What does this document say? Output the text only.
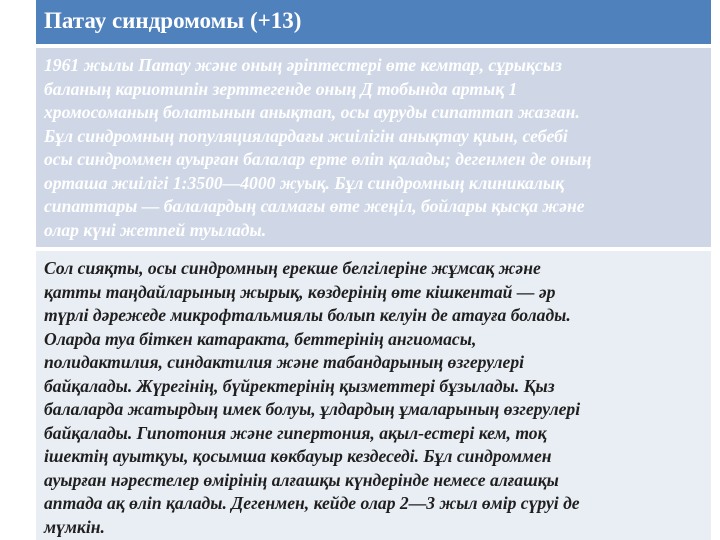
Патау синдромомы (+13)

1961 жылы Патау және оның әріптестері өте кемтар, сұрықсыз
баланың кариотипін зерттегенде оның Д тобында артық 1
хромосоманың болатынын анықтап, осы ауруды сипаттап жазған.
Бұл синдромның популяциялардағы жиілігін анықтау қиын, себебі
осы синдроммен ауырған балалар ерте өліп қалады; дегенмен де оның
орташа жиілігі 1:3500—4000 жуық. Бұл синдромның клиникалық
сипаттары — балалардың салмағы өте жеңіл, бойлары қысқа және
олар күні жетпей туылады.

Сол сияқты, осы синдромның ерекше белгілеріне жұмсақ және
қатты таңдайларының жырық, көздерінің өте кішкентай — әр
түрлі дәрежеде микрофтальмиялы болып келуін де атауға болады.
Оларда туа біткен катаракта, беттерінің ангиомасы,
полидактилия, синдактилия және табандарының өзгерулері
байқалады. Жүрегінің, бүйректерінің қызметтері бұзылады. Қыз
балаларда жатырдың имек болуы, ұлдардың ұмаларының өзгерулері
байқалады. Гипотония және гипертония, ақыл-естері кем, тоқ
ішектің ауытқуы, қосымша көкбауыр кездеседі. Бұл синдроммен
ауырған нәрестелер өмірінің алғашқы күндерінде немесе алғашқы
аптада ақ өліп қалады. Дегенмен, кейде олар 2—3 жыл өмір сүруі де
мүмкін.
